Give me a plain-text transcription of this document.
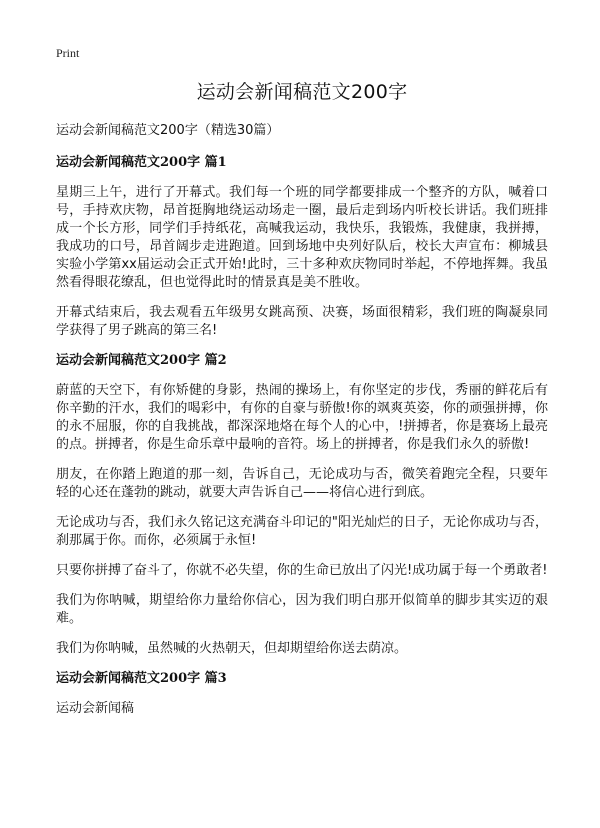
Print
运动会新闻稿范文200字
运动会新闻稿范文200字（精选30篇）
运动会新闻稿范文200字 篇1

星期三上午，进行了开幕式。我们每一个班的同学都要排成一个整齐的方队，喊着口号，手持欢庆物，昂首挺胸地绕运动场走一圈，最后走到场内听校长讲话。我们班排成一个长方形，同学们手持纸花，高喊我运动，我快乐，我锻炼，我健康，我拼搏，我成功的口号，昂首阔步走进跑道。回到场地中央列好队后，校长大声宣布：柳城县实验小学第xx届运动会正式开始!此时，三十多种欢庆物同时举起，不停地挥舞。我虽然看得眼花缭乱，但也觉得此时的情景真是美不胜收。

开幕式结束后，我去观看五年级男女跳高预、决赛，场面很精彩，我们班的陶凝泉同学获得了男子跳高的第三名!

运动会新闻稿范文200字 篇2

蔚蓝的天空下，有你矫健的身影，热闹的操场上，有你坚定的步伐，秀丽的鲜花后有你辛勤的汗水，我们的喝彩中，有你的自豪与骄傲!你的飒爽英姿，你的顽强拼搏，你的永不屈服，你的自我挑战，都深深地烙在每个人的心中，!拼搏者，你是赛场上最亮的点。拼搏者，你是生命乐章中最响的音符。场上的拼搏者，你是我们永久的骄傲!

朋友，在你踏上跑道的那一刻，告诉自己，无论成功与否，微笑着跑完全程，只要年轻的心还在蓬勃的跳动，就要大声告诉自己——将信心进行到底。

无论成功与否，我们永久铭记这充满奋斗印记的"阳光灿烂的日子，无论你成功与否，刹那属于你。而你，必须属于永恒!

只要你拼搏了奋斗了，你就不必失望，你的生命已放出了闪光!成功属于每一个勇敢者!

我们为你呐喊，期望给你力量给你信心，因为我们明白那开似简单的脚步其实迈的艰难。

我们为你呐喊，虽然喊的火热朝天，但却期望给你送去荫凉。

运动会新闻稿范文200字 篇3

运动会新闻稿
